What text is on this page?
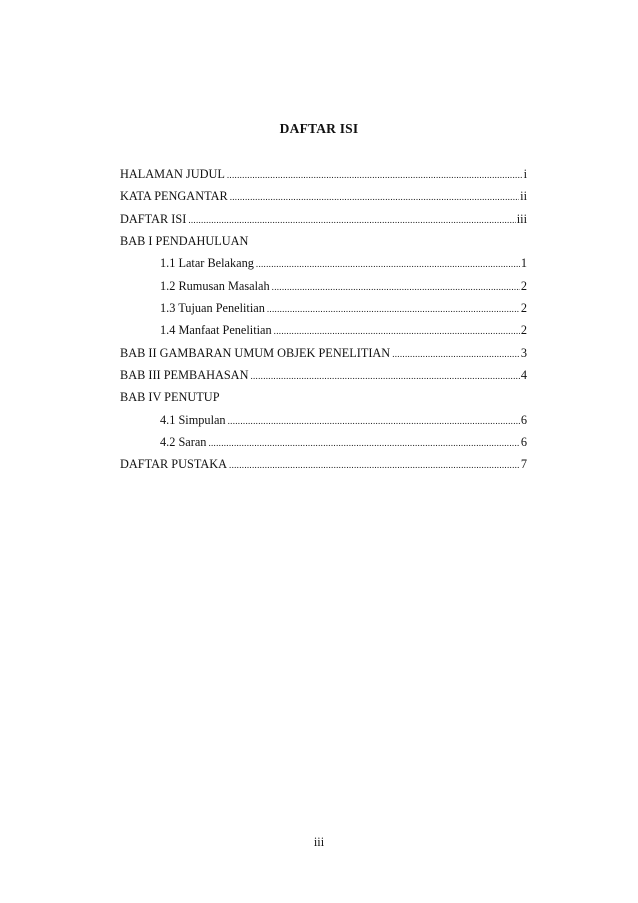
DAFTAR ISI
HALAMAN JUDUL .....	i
KATA PENGANTAR .....	ii
DAFTAR ISI .....	iii
BAB I PENDAHULUAN
1.1 Latar Belakang .....	1
1.2 Rumusan Masalah .....	2
1.3 Tujuan Penelitian .....	2
1.4 Manfaat Penelitian .....	2
BAB II GAMBARAN UMUM OBJEK PENELITIAN .....	3
BAB III PEMBAHASAN .....	4
BAB IV PENUTUP
4.1 Simpulan .....	6
4.2 Saran .....	6
DAFTAR PUSTAKA .....	7
iii
